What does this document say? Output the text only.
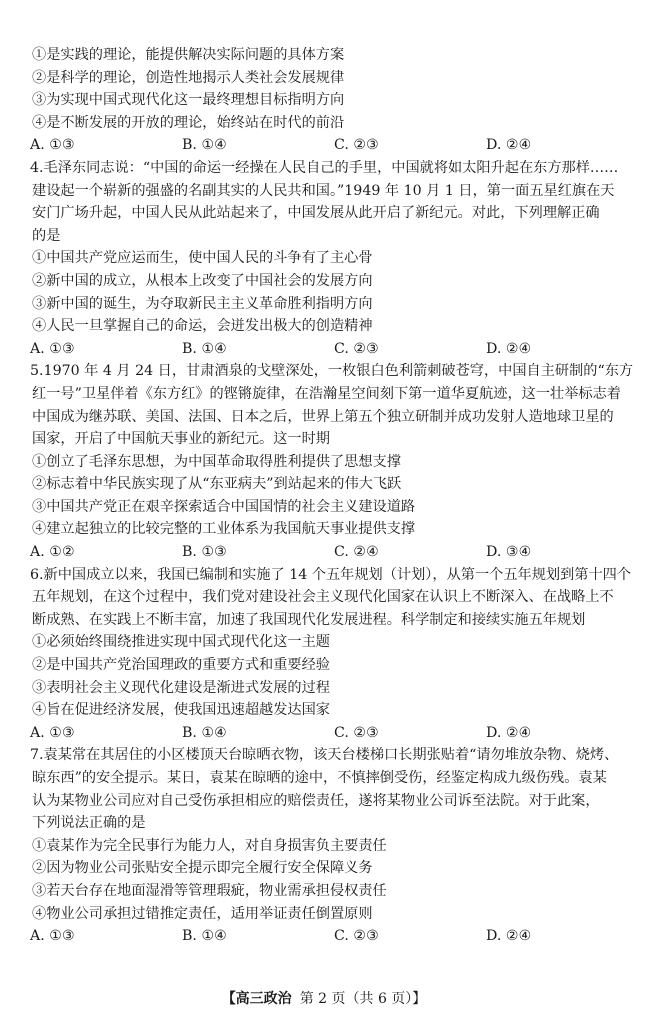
①是实践的理论，能提供解决实际问题的具体方案
②是科学的理论，创造性地揭示人类社会发展规律
③为实现中国式现代化这一最终理想目标指明方向
④是不断发展的开放的理论，始终站在时代的前沿
A. ①③	B. ①④	C. ②③	D. ②④
4.毛泽东同志说：“中国的命运一经操在人民自己的手里，中国就将如太阳升起在东方那样……
建设起一个崭新的强盛的名副其实的人民共和国。”1949 年 10 月 1 日，第一面五星红旗在天
安门广场升起，中国人民从此站起来了，中国发展从此开启了新纪元。对此，下列理解正确
的是
①中国共产党应运而生，使中国人民的斗争有了主心骨
②新中国的成立，从根本上改变了中国社会的发展方向
③新中国的诞生，为夺取新民主主义革命胜利指明方向
④人民一旦掌握自己的命运，会迸发出极大的创造精神
A. ①③	B. ①④	C. ②③	D. ②④
5.1970 年 4 月 24 日，甘肃酒泉的戈壁深处，一枚银白色利箭刺破苍穹，中国自主研制的“东方
红一号”卫星伴着《东方红》的铿锵旋律，在浩瀚星空间刻下第一道华夏航迹，这一壮举标志着
中国成为继苏联、美国、法国、日本之后，世界上第五个独立研制并成功发射人造地球卫星的
国家，开启了中国航天事业的新纪元。这一时期
①创立了毛泽东思想，为中国革命取得胜利提供了思想支撑
②标志着中华民族实现了从“东亚病夫”到站起来的伟大飞跃
③中国共产党正在艰辛探索适合中国国情的社会主义建设道路
④建立起独立的比较完整的工业体系为我国航天事业提供支撑
A. ①②	B. ①③	C. ②④	D. ③④
6.新中国成立以来，我国已编制和实施了 14 个五年规划（计划），从第一个五年规划到第十四个
五年规划，在这个过程中，我们党对建设社会主义现代化国家在认识上不断深入、在战略上不
断成熟、在实践上不断丰富，加速了我国现代化发展进程。科学制定和接续实施五年规划
①必须始终围绕推进实现中国式现代化这一主题
②是中国共产党治国理政的重要方式和重要经验
③表明社会主义现代化建设是渐进式发展的过程
④旨在促进经济发展，使我国迅速超越发达国家
A. ①③	B. ①④	C. ②③	D. ②④
7.袁某常在其居住的小区楼顶天台晾晒衣物，该天台楼梯口长期张贴着“请勿堆放杂物、烧烤、
晾东西”的安全提示。某日，袁某在晾晒的途中，不慎摔倒受伤，经鉴定构成九级伤残。袁某
认为某物业公司应对自己受伤承担相应的赔偿责任，遂将某物业公司诉至法院。对于此案，
下列说法正确的是
①袁某作为完全民事行为能力人，对自身损害负主要责任
②因为物业公司张贴安全提示即完全履行安全保障义务
③若天台存在地面湿滑等管理瑕疵，物业需承担侵权责任
④物业公司承担过错推定责任，适用举证责任倒置原则
A. ①③	B. ①④	C. ②③	D. ②④
【高三政治 第 2 页（共 6 页）】
